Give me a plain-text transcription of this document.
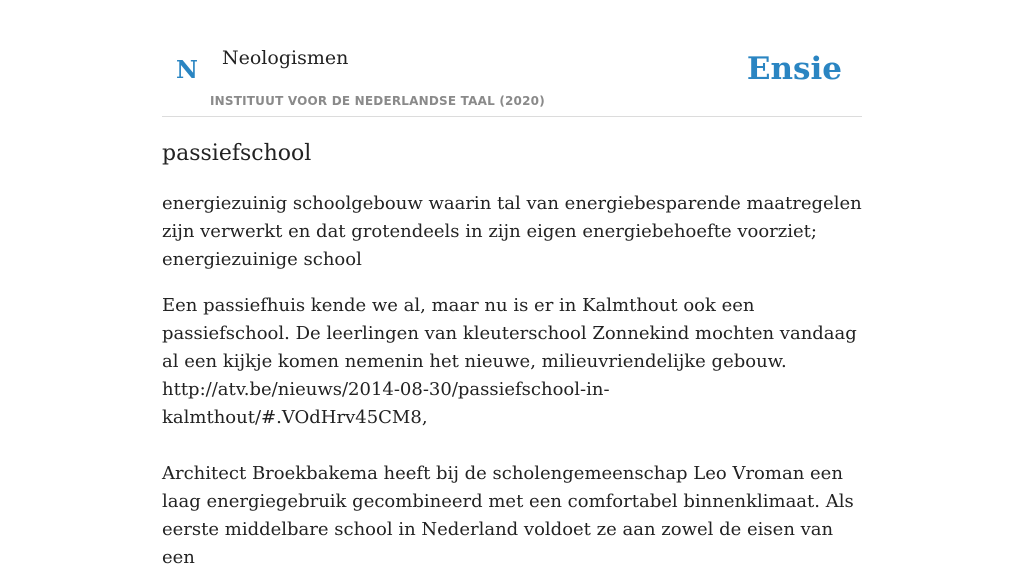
N Neologismen
INSTITUUT VOOR DE NEDERLANDSE TAAL (2020)
Ensie
passiefschool

energiezuinig schoolgebouw waarin tal van energiebesparende maatregelen zijn verwerkt en dat grotendeels in zijn eigen energiebehoefte voorziet; energiezuinige school

Een passiefhuis kende we al, maar nu is er in Kalmthout ook een passiefschool. De leerlingen van kleuterschool Zonnekind mochten vandaag al een kijkje komen nemenin het nieuwe, milieuvriendelijke gebouw.
http://atv.be/nieuws/2014-08-30/passiefschool-in-kalmthout/#.VOdHrv45CM8,
Architect Broekbakema heeft bij de scholengemeenschap Leo Vroman een laag energiegebruik gecombineerd met een comfortabel binnenklimaat. Als eerste middelbare school in Nederland voldoet ze aan zowel de eisen van een
